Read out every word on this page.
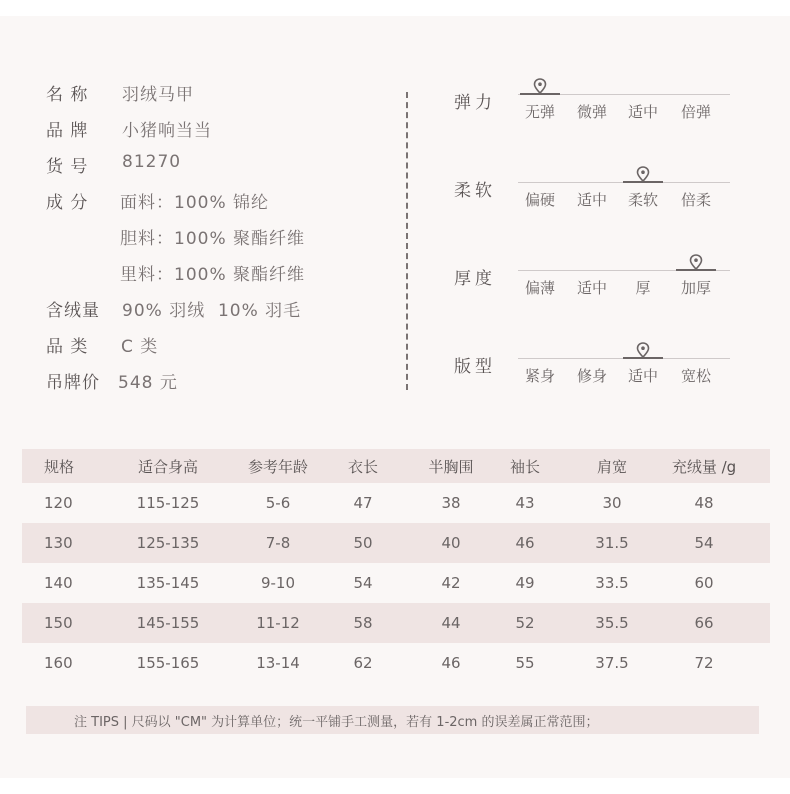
名 称 羽绒马甲
品 牌 小猪响当当
货 号 81270
成 分 面料：100% 锦纶
胆料：100% 聚酯纤维
里料：100% 聚酯纤维
含绒量 90% 羽绒  10% 羽毛
品 类 C 类
吊牌价 548 元
弹力	无弹	微弹	适中	倍弹
柔软	偏硬	适中	柔软	倍柔
厚度	偏薄	适中	厚	加厚
版型	紧身	修身	适中	宽松
规格	适合身高	参考年龄	衣长	半胸围	袖长	肩宽	充绒量 /g
120	115-125	5-6	47	38	43	30	48
130	125-135	7-8	50	40	46	31.5	54
140	135-145	9-10	54	42	49	33.5	60
150	145-155	11-12	58	44	52	35.5	66
160	155-165	13-14	62	46	55	37.5	72
注 TIPS | 尺码以 "CM" 为计算单位；统一平铺手工测量，若有 1-2cm 的误差属正常范围；
